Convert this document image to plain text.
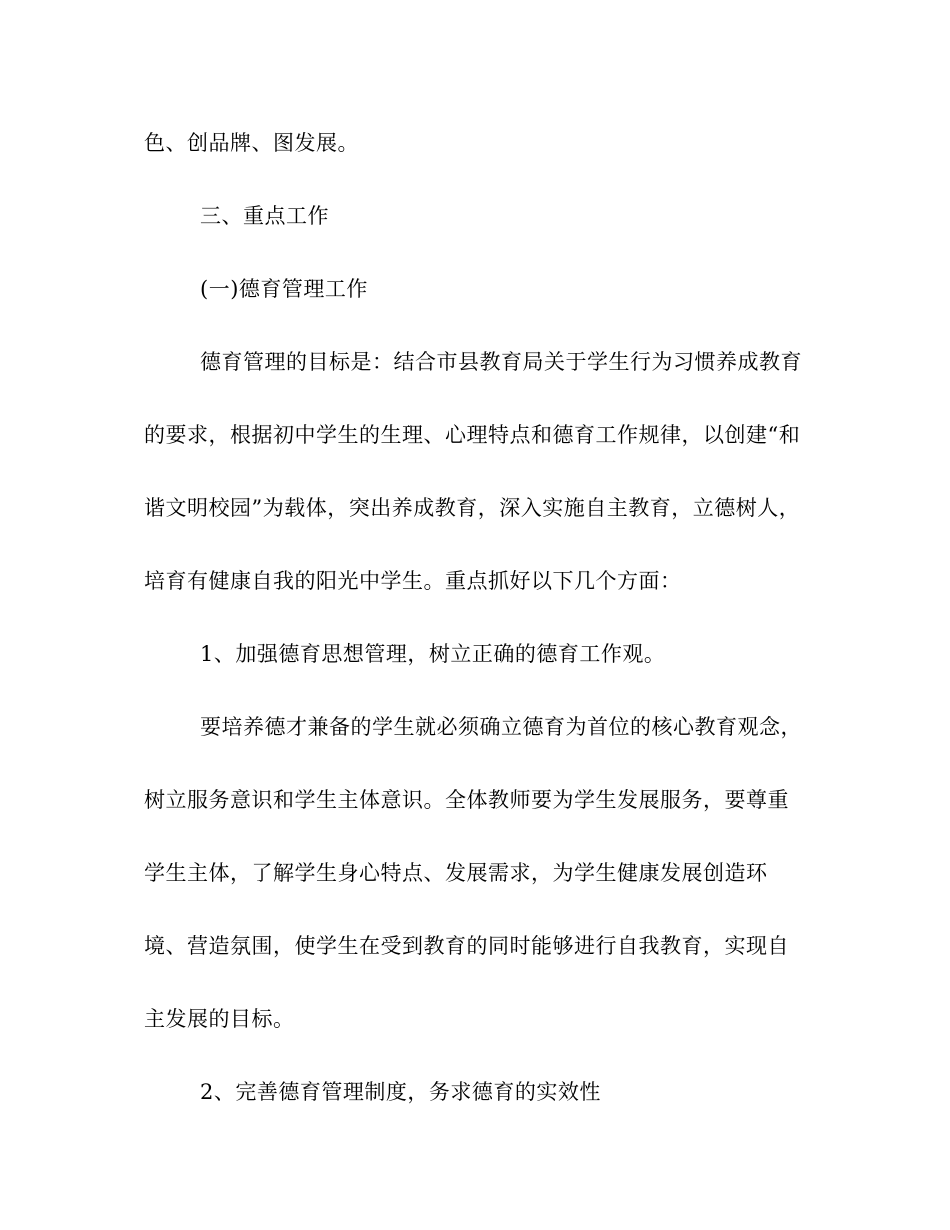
色、创品牌、图发展。
三、重点工作
(一)德育管理工作
德育管理的目标是：结合市县教育局关于学生行为习惯养成教育
的要求，根据初中学生的生理、心理特点和德育工作规律，以创建“和
谐文明校园”为载体，突出养成教育，深入实施自主教育，立德树人，
培育有健康自我的阳光中学生。重点抓好以下几个方面：
1、加强德育思想管理，树立正确的德育工作观。
要培养德才兼备的学生就必须确立德育为首位的核心教育观念，
树立服务意识和学生主体意识。全体教师要为学生发展服务，要尊重
学生主体，了解学生身心特点、发展需求，为学生健康发展创造环
境、营造氛围，使学生在受到教育的同时能够进行自我教育，实现自
主发展的目标。
2、完善德育管理制度，务求德育的实效性
